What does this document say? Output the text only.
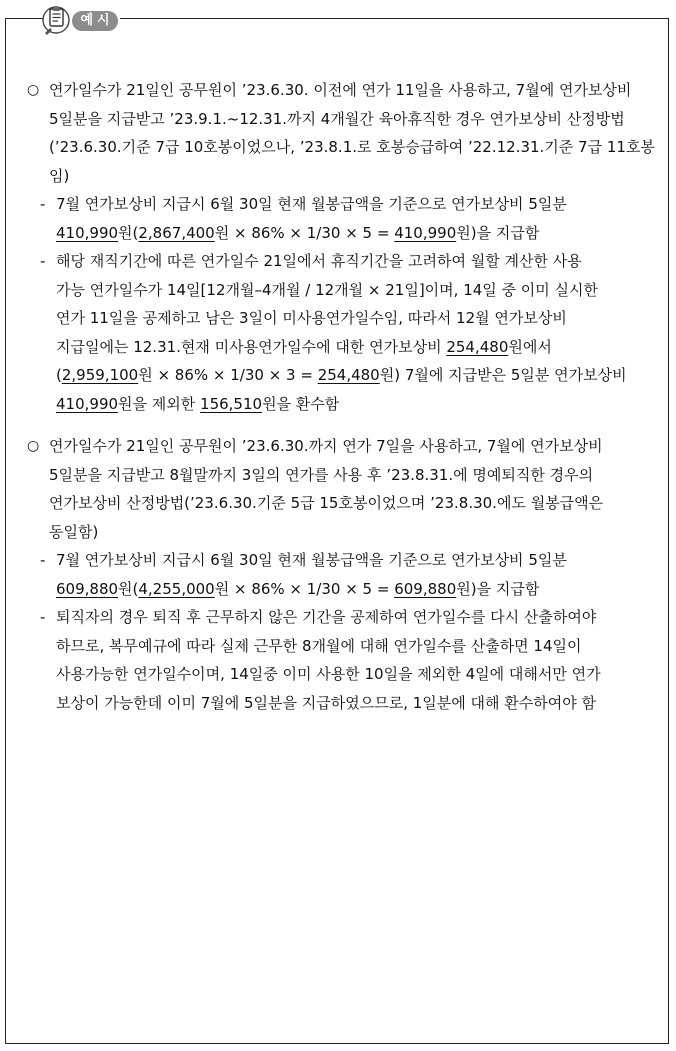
예시
○ 연가일수가 21일인 공무원이 ’23.6.30. 이전에 연가 11일을 사용하고, 7월에 연가보상비
5일분을 지급받고 ’23.9.1.~12.31.까지 4개월간 육아휴직한 경우 연가보상비 산정방법
(’23.6.30.기준 7급 10호봉이었으나, ’23.8.1.로 호봉승급하여 ’22.12.31.기준 7급 11호봉임)
- 7월 연가보상비 지급시 6월 30일 현재 월봉급액을 기준으로 연가보상비 5일분
410,990원(2,867,400원 × 86% × 1/30 × 5 = 410,990원)을 지급함
- 해당 재직기간에 따른 연가일수 21일에서 휴직기간을 고려하여 월할 계산한 사용
가능 연가일수가 14일[12개월–4개월 / 12개월 × 21일]이며, 14일 중 이미 실시한
연가 11일을 공제하고 남은 3일이 미사용연가일수임, 따라서 12월 연가보상비
지급일에는 12.31.현재 미사용연가일수에 대한 연가보상비 254,480원에서
(2,959,100원 × 86% × 1/30 × 3 = 254,480원) 7월에 지급받은 5일분 연가보상비
410,990원을 제외한 156,510원을 환수함
○ 연가일수가 21일인 공무원이 ’23.6.30.까지 연가 7일을 사용하고, 7월에 연가보상비
5일분을 지급받고 8월말까지 3일의 연가를 사용 후 ’23.8.31.에 명예퇴직한 경우의
연가보상비 산정방법(’23.6.30.기준 5급 15호봉이었으며 ’23.8.30.에도 월봉급액은
동일함)
- 7월 연가보상비 지급시 6월 30일 현재 월봉급액을 기준으로 연가보상비 5일분
609,880원(4,255,000원 × 86% × 1/30 × 5 = 609,880원)을 지급함
- 퇴직자의 경우 퇴직 후 근무하지 않은 기간을 공제하여 연가일수를 다시 산출하여야
하므로, 복무예규에 따라 실제 근무한 8개월에 대해 연가일수를 산출하면 14일이
사용가능한 연가일수이며, 14일중 이미 사용한 10일을 제외한 4일에 대해서만 연가
보상이 가능한데 이미 7월에 5일분을 지급하였으므로, 1일분에 대해 환수하여야 함
